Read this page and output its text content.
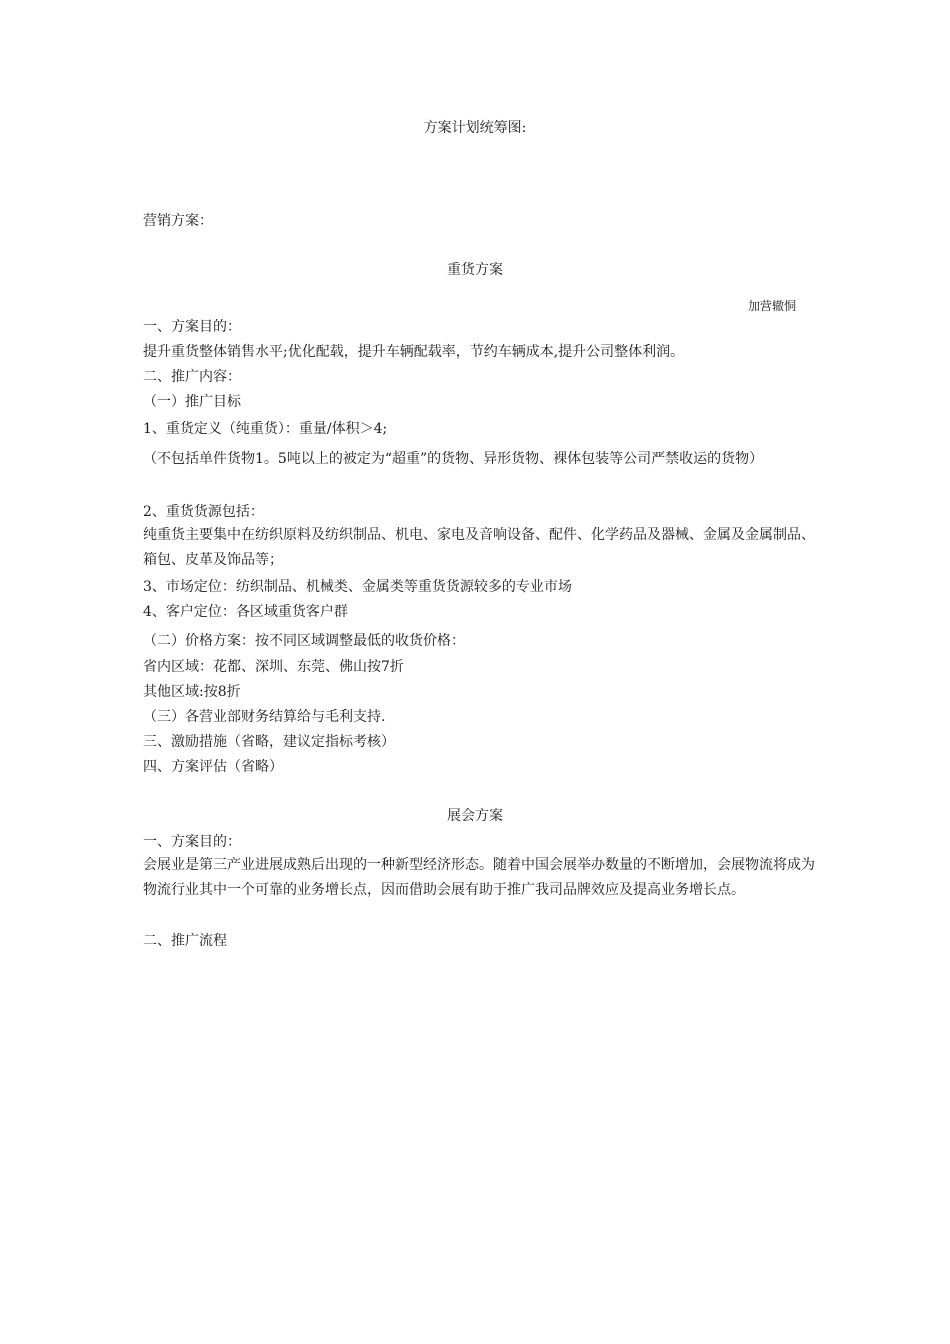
方案计划统筹图:
营销方案：
重货方案
加营辙恫
一、方案目的：
提升重货整体销售水平;优化配载，提升车辆配载率，节约车辆成本,提升公司整体利润。
二、推广内容：
（一）推广目标
1、重货定义（纯重货）：重量/体积＞4;
（不包括单件货物1。5吨以上的被定为“超重”的货物、异形货物、裸体包装等公司严禁收运的货物）
2、重货货源包括：
纯重货主要集中在纺织原料及纺织制品、机电、家电及音响设备、配件、化学药品及器械、金属及金属制品、箱包、皮革及饰品等；
3、市场定位：纺织制品、机械类、金属类等重货货源较多的专业市场
4、客户定位：各区域重货客户群
（二）价格方案：按不同区域调整最低的收货价格：
省内区域：花都、深圳、东莞、佛山按7折
其他区域:按8折
（三）各营业部财务结算给与毛利支持.
三、激励措施（省略，建议定指标考核）
四、方案评估（省略）
展会方案
一、方案目的：
会展业是第三产业进展成熟后出现的一种新型经济形态。随着中国会展举办数量的不断增加，会展物流将成为物流行业其中一个可靠的业务增长点，因而借助会展有助于推广我司品牌效应及提高业务增长点。
二、推广流程
